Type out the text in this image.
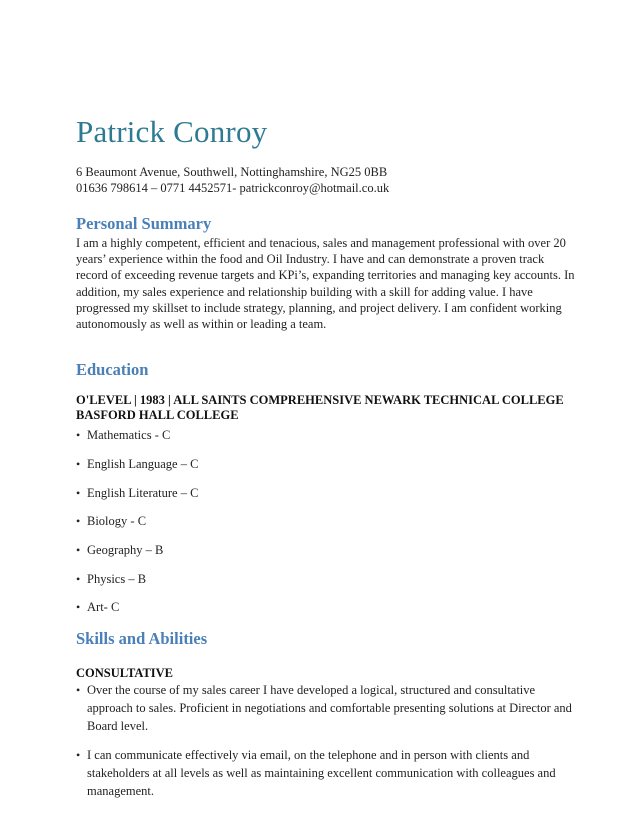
Patrick Conroy

6 Beaumont Avenue, Southwell, Nottinghamshire, NG25 0BB

01636 798614 – 0771 4452571- patrickconroy@hotmail.co.uk

Personal Summary

I am a highly competent, efficient and tenacious, sales and management professional with over 20 years’ experience within the food and Oil Industry. I have and can demonstrate a proven track record of exceeding revenue targets and KPi’s, expanding territories and managing key accounts. In addition, my sales experience and relationship building with a skill for adding value. I have progressed my skillset to include strategy, planning, and project delivery. I am confident working autonomously as well as within or leading a team.

Education

O'LEVEL | 1983 | ALL SAINTS COMPREHENSIVE NEWARK TECHNICAL COLLEGE BASFORD HALL COLLEGE

• Mathematics - C
• English Language – C
• English Literature – C
• Biology - C
• Geography – B
• Physics – B
• Art- C
Skills and Abilities

CONSULTATIVE

• Over the course of my sales career I have developed a logical, structured and consultative approach to sales. Proficient in negotiations and comfortable presenting solutions at Director and Board level.
• I can communicate effectively via email, on the telephone and in person with clients and stakeholders at all levels as well as maintaining excellent communication with colleagues and management.
